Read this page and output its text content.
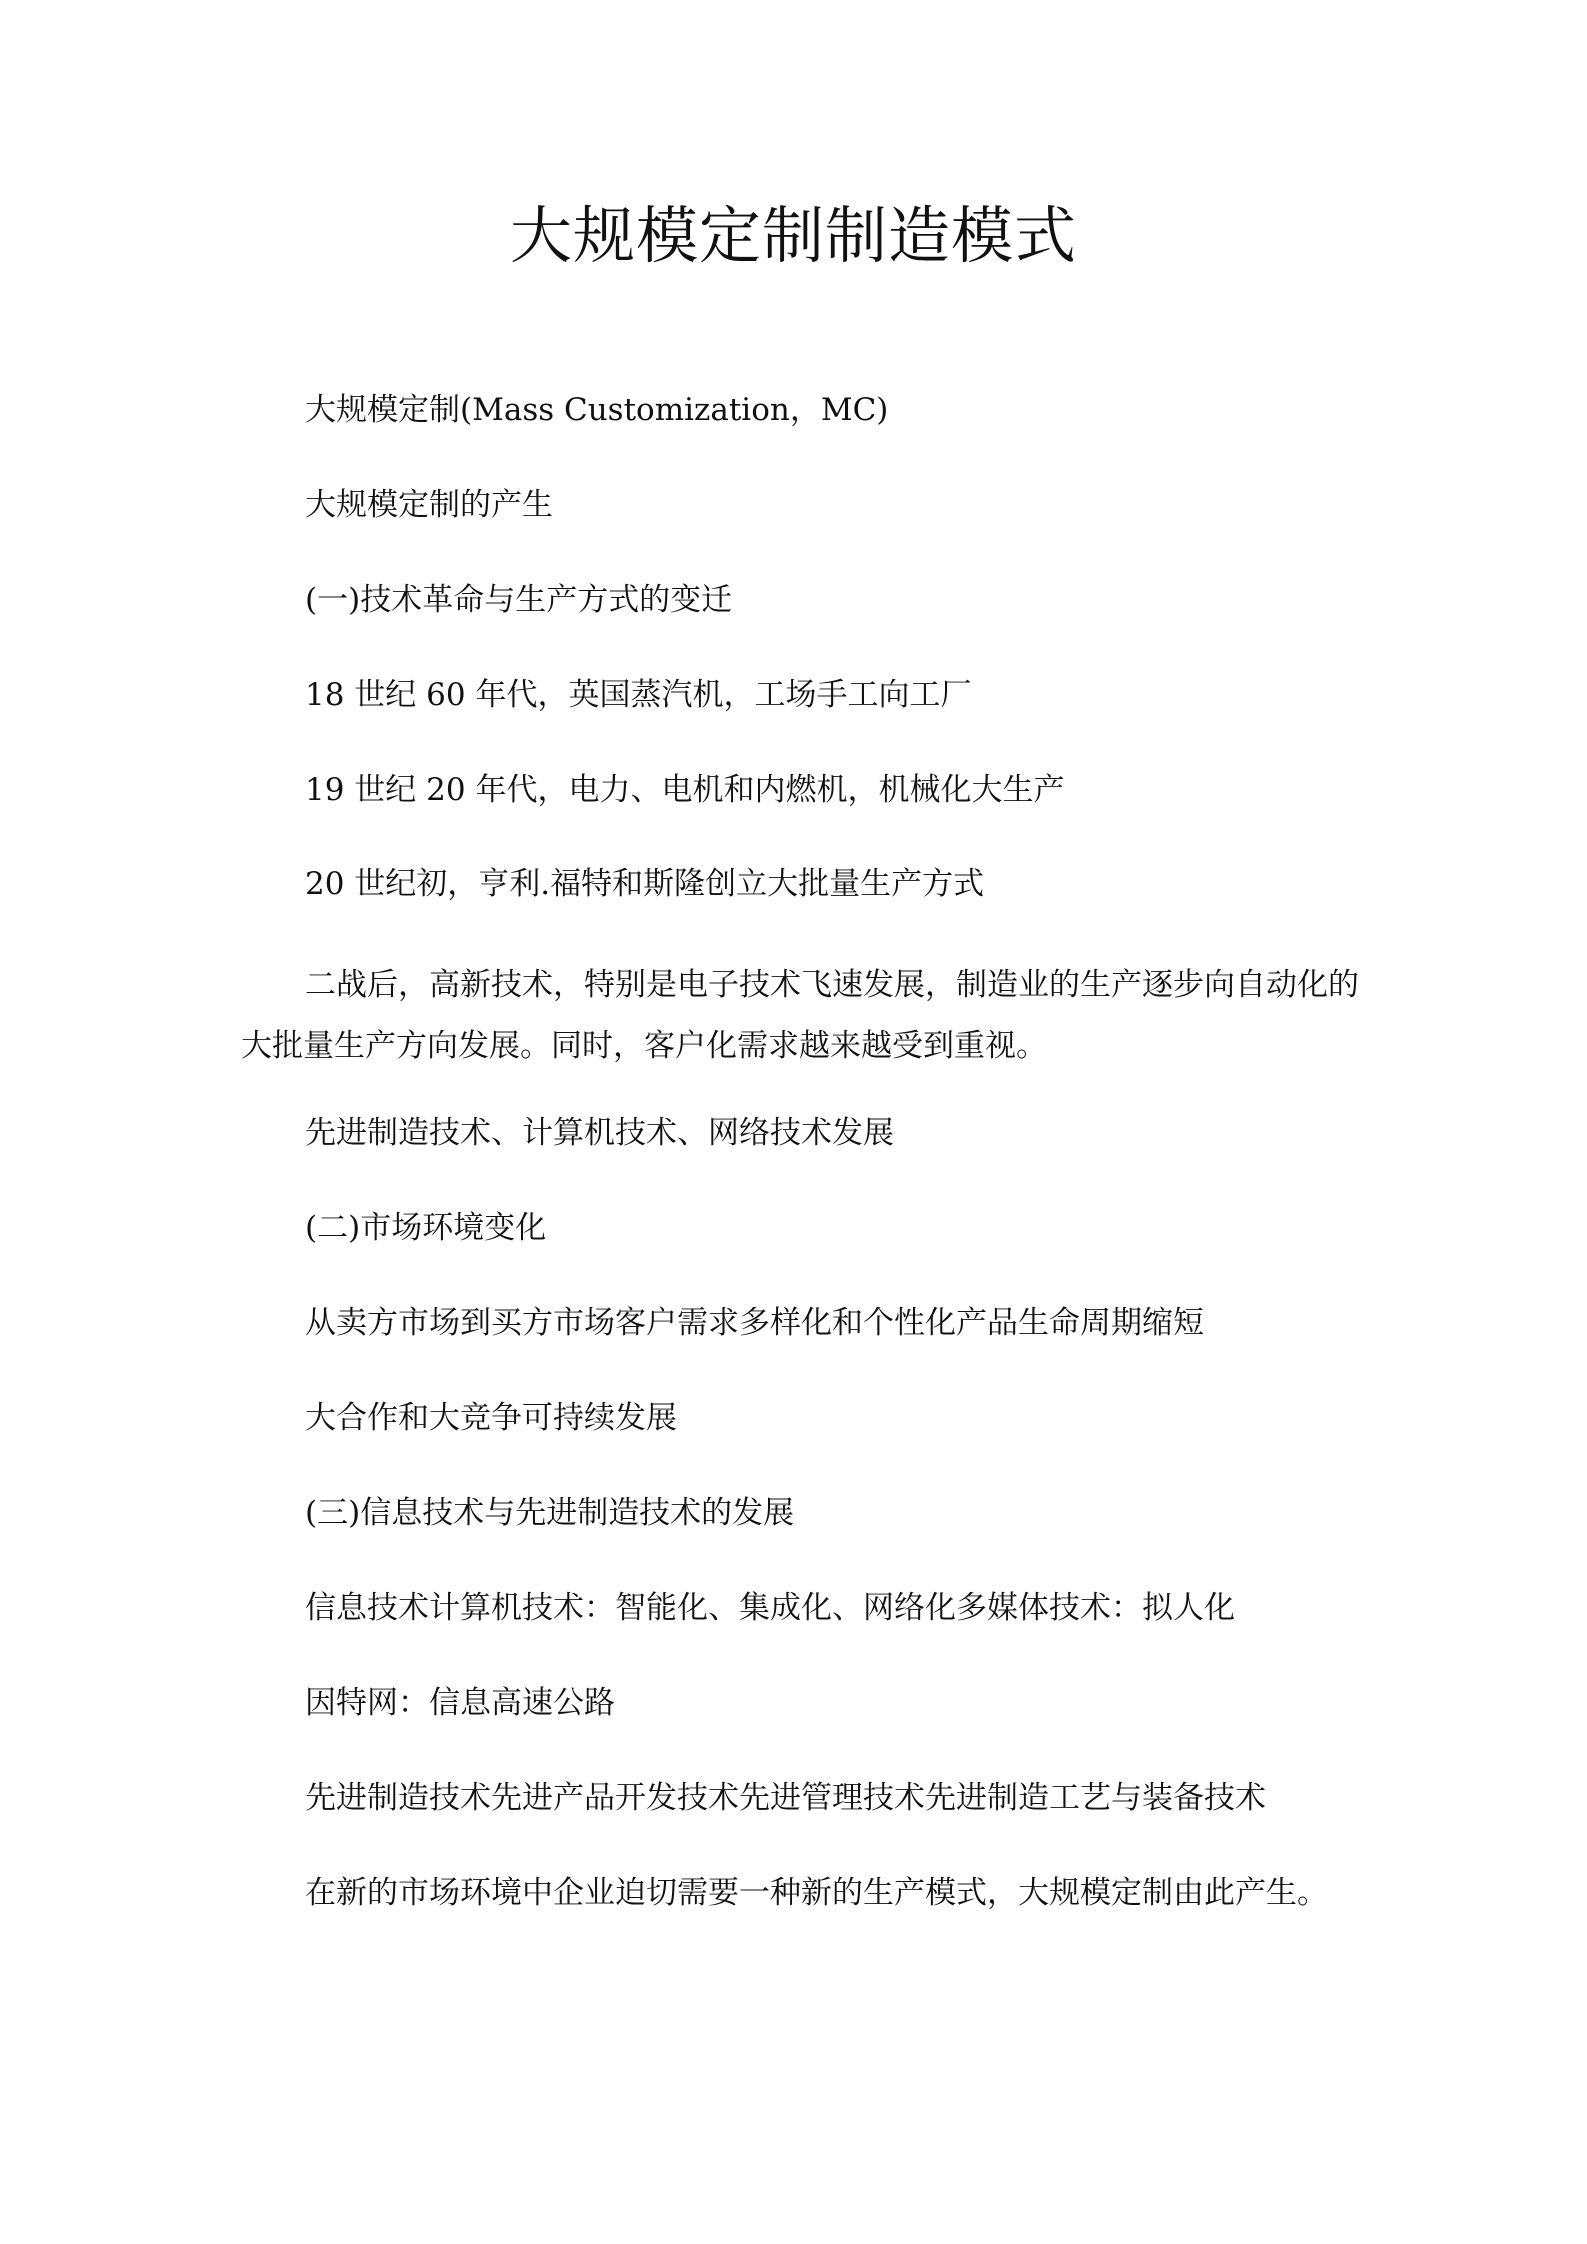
大规模定制制造模式

大规模定制(Mass Customization，MC)

大规模定制的产生

(一)技术革命与生产方式的变迁

18 世纪 60 年代，英国蒸汽机，工场手工向工厂

19 世纪 20 年代，电力、电机和内燃机，机械化大生产

20 世纪初，亨利.福特和斯隆创立大批量生产方式

二战后，高新技术，特别是电子技术飞速发展，制造业的生产逐步向自动化的大批量生产方向发展。同时，客户化需求越来越受到重视。

先进制造技术、计算机技术、网络技术发展

(二)市场环境变化

从卖方市场到买方市场客户需求多样化和个性化产品生命周期缩短

大合作和大竞争可持续发展

(三)信息技术与先进制造技术的发展

信息技术计算机技术：智能化、集成化、网络化多媒体技术：拟人化

因特网：信息高速公路

先进制造技术先进产品开发技术先进管理技术先进制造工艺与装备技术

在新的市场环境中企业迫切需要一种新的生产模式，大规模定制由此产生。
